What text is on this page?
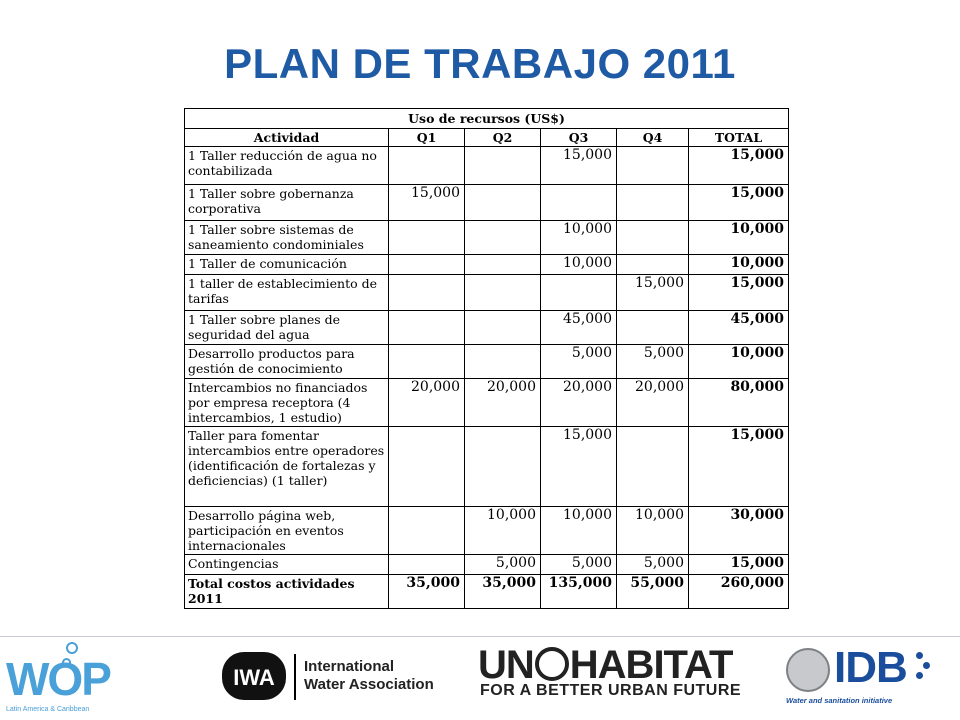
PLAN DE TRABAJO 2011
Uso de recursos (US$)					
Actividad	Q1	Q2	Q3	Q4	TOTAL
1 Taller reducción de agua no contabilizada			15,000		15,000
1 Taller sobre gobernanza corporativa	15,000				15,000
1 Taller sobre sistemas de saneamiento condominiales			10,000		10,000
1 Taller de comunicación			10,000		10,000
1 taller de establecimiento de tarifas				15,000	15,000
1 Taller sobre planes de seguridad del agua			45,000		45,000
Desarrollo productos para gestión de conocimiento			5,000	5,000	10,000
Intercambios no financiados por empresa receptora (4 intercambios, 1 estudio)	20,000	20,000	20,000	20,000	80,000
Taller para fomentar intercambios entre operadores (identificación de fortalezas y deficiencias) (1 taller)			15,000		15,000
Desarrollo página web, participación en eventos internacionales		10,000	10,000	10,000	30,000
Contingencias		5,000	5,000	5,000	15,000
Total costos actividades 2011	35,000	35,000	135,000	55,000	260,000
WOP
Latin America & Caribbean
IWA International
Water Association UN HABITAT
FOR A BETTER URBAN FUTURE	IDB
Water and sanitation initiative
